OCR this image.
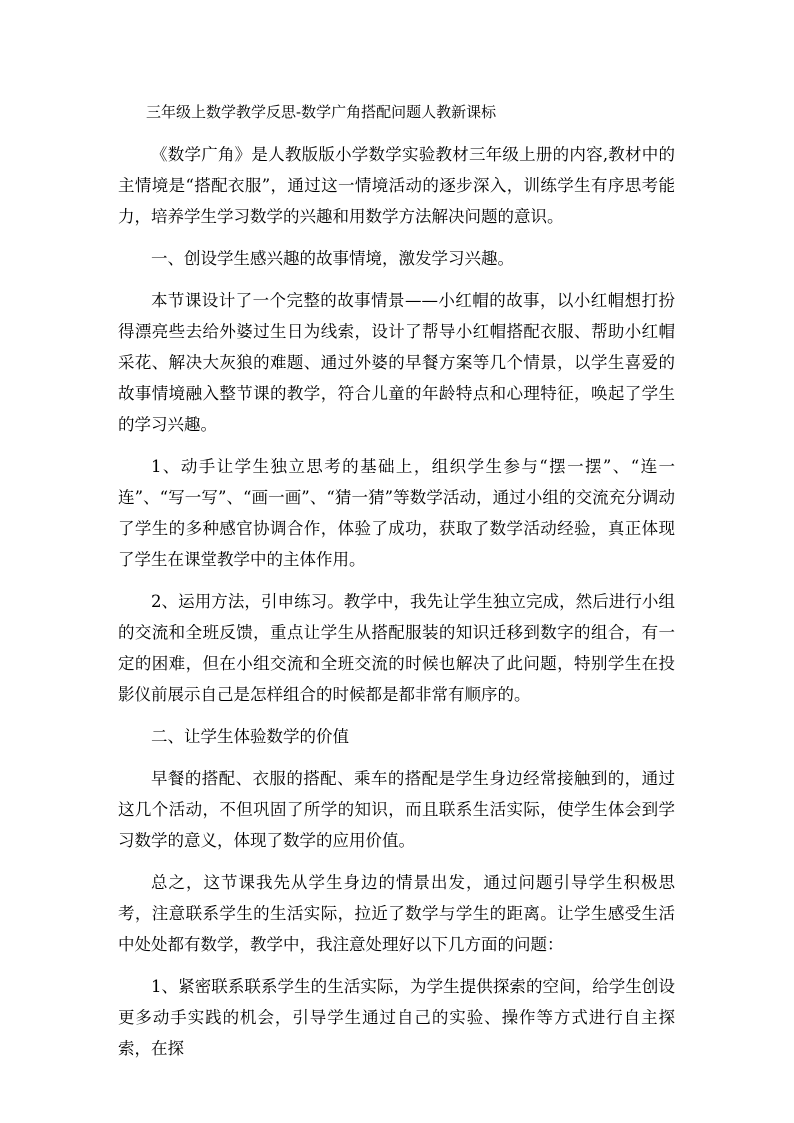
三年级上数学教学反思-数学广角搭配问题人教新课标

《数学广角》是人教版版小学数学实验教材三年级上册的内容,教材中的主情境是“搭配衣服”，通过这一情境活动的逐步深入，训练学生有序思考能力，培养学生学习数学的兴趣和用数学方法解决问题的意识。

一、创设学生感兴趣的故事情境，激发学习兴趣。

本节课设计了一个完整的故事情景——小红帽的故事，以小红帽想打扮得漂亮些去给外婆过生日为线索，设计了帮导小红帽搭配衣服、帮助小红帽采花、解决大灰狼的难题、通过外婆的早餐方案等几个情景，以学生喜爱的故事情境融入整节课的教学，符合儿童的年龄特点和心理特征，唤起了学生的学习兴趣。

1、动手让学生独立思考的基础上，组织学生参与“摆一摆”、“连一连”、“写一写”、“画一画”、“猜一猜”等数学活动，通过小组的交流充分调动了学生的多种感官协调合作，体验了成功，获取了数学活动经验，真正体现了学生在课堂教学中的主体作用。

2、运用方法，引申练习。教学中，我先让学生独立完成，然后进行小组的交流和全班反馈，重点让学生从搭配服装的知识迁移到数字的组合，有一定的困难，但在小组交流和全班交流的时候也解决了此问题，特别学生在投影仪前展示自己是怎样组合的时候都是都非常有顺序的。

二、让学生体验数学的价值

早餐的搭配、衣服的搭配、乘车的搭配是学生身边经常接触到的，通过这几个活动，不但巩固了所学的知识，而且联系生活实际，使学生体会到学习数学的意义，体现了数学的应用价值。

总之，这节课我先从学生身边的情景出发，通过问题引导学生积极思考，注意联系学生的生活实际，拉近了数学与学生的距离。让学生感受生活中处处都有数学，教学中，我注意处理好以下几方面的问题：

1、紧密联系联系学生的生活实际，为学生提供探索的空间，给学生创设更多动手实践的机会，引导学生通过自己的实验、操作等方式进行自主探索，在探
